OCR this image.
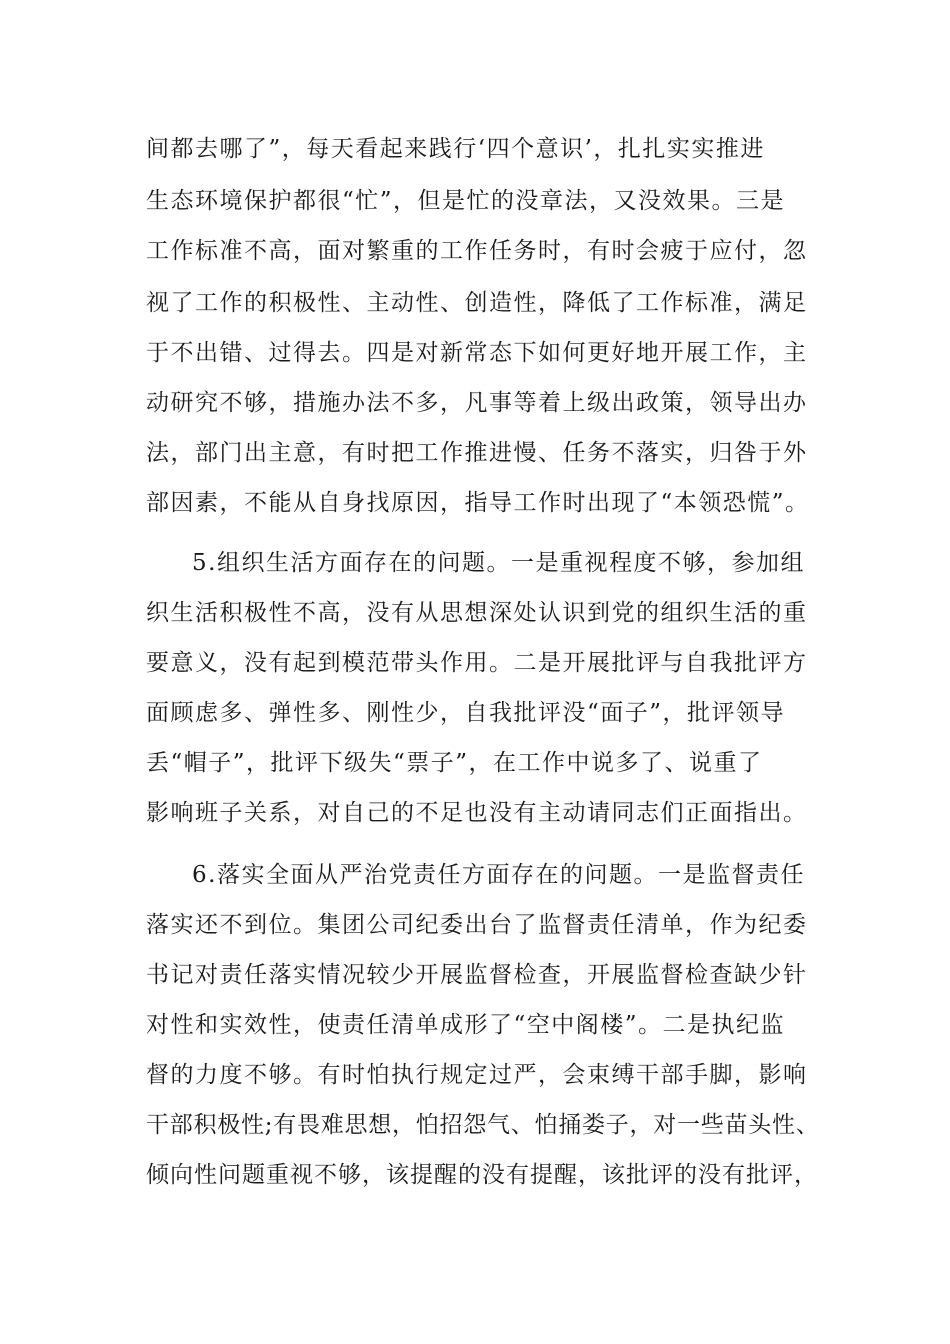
间都去哪了”，每天看起来践行‘四个意识’，扎扎实实推进
生态环境保护都很“忙”，但是忙的没章法，又没效果。三是
工作标准不高，面对繁重的工作任务时，有时会疲于应付，忽
视了工作的积极性、主动性、创造性，降低了工作标准，满足
于不出错、过得去。四是对新常态下如何更好地开展工作，主
动研究不够，措施办法不多，凡事等着上级出政策，领导出办
法，部门出主意，有时把工作推进慢、任务不落实，归咎于外
部因素，不能从自身找原因，指导工作时出现了“本领恐慌”。
5.组织生活方面存在的问题。一是重视程度不够，参加组
织生活积极性不高，没有从思想深处认识到党的组织生活的重
要意义，没有起到模范带头作用。二是开展批评与自我批评方
面顾虑多、弹性多、刚性少，自我批评没“面子”，批评领导
丢“帽子”，批评下级失“票子”，在工作中说多了、说重了
影响班子关系，对自己的不足也没有主动请同志们正面指出。
6.落实全面从严治党责任方面存在的问题。一是监督责任
落实还不到位。集团公司纪委出台了监督责任清单，作为纪委
书记对责任落实情况较少开展监督检查，开展监督检查缺少针
对性和实效性，使责任清单成形了“空中阁楼”。二是执纪监
督的力度不够。有时怕执行规定过严，会束缚干部手脚，影响
干部积极性;有畏难思想，怕招怨气、怕捅娄子，对一些苗头性、
倾向性问题重视不够，该提醒的没有提醒，该批评的没有批评，
